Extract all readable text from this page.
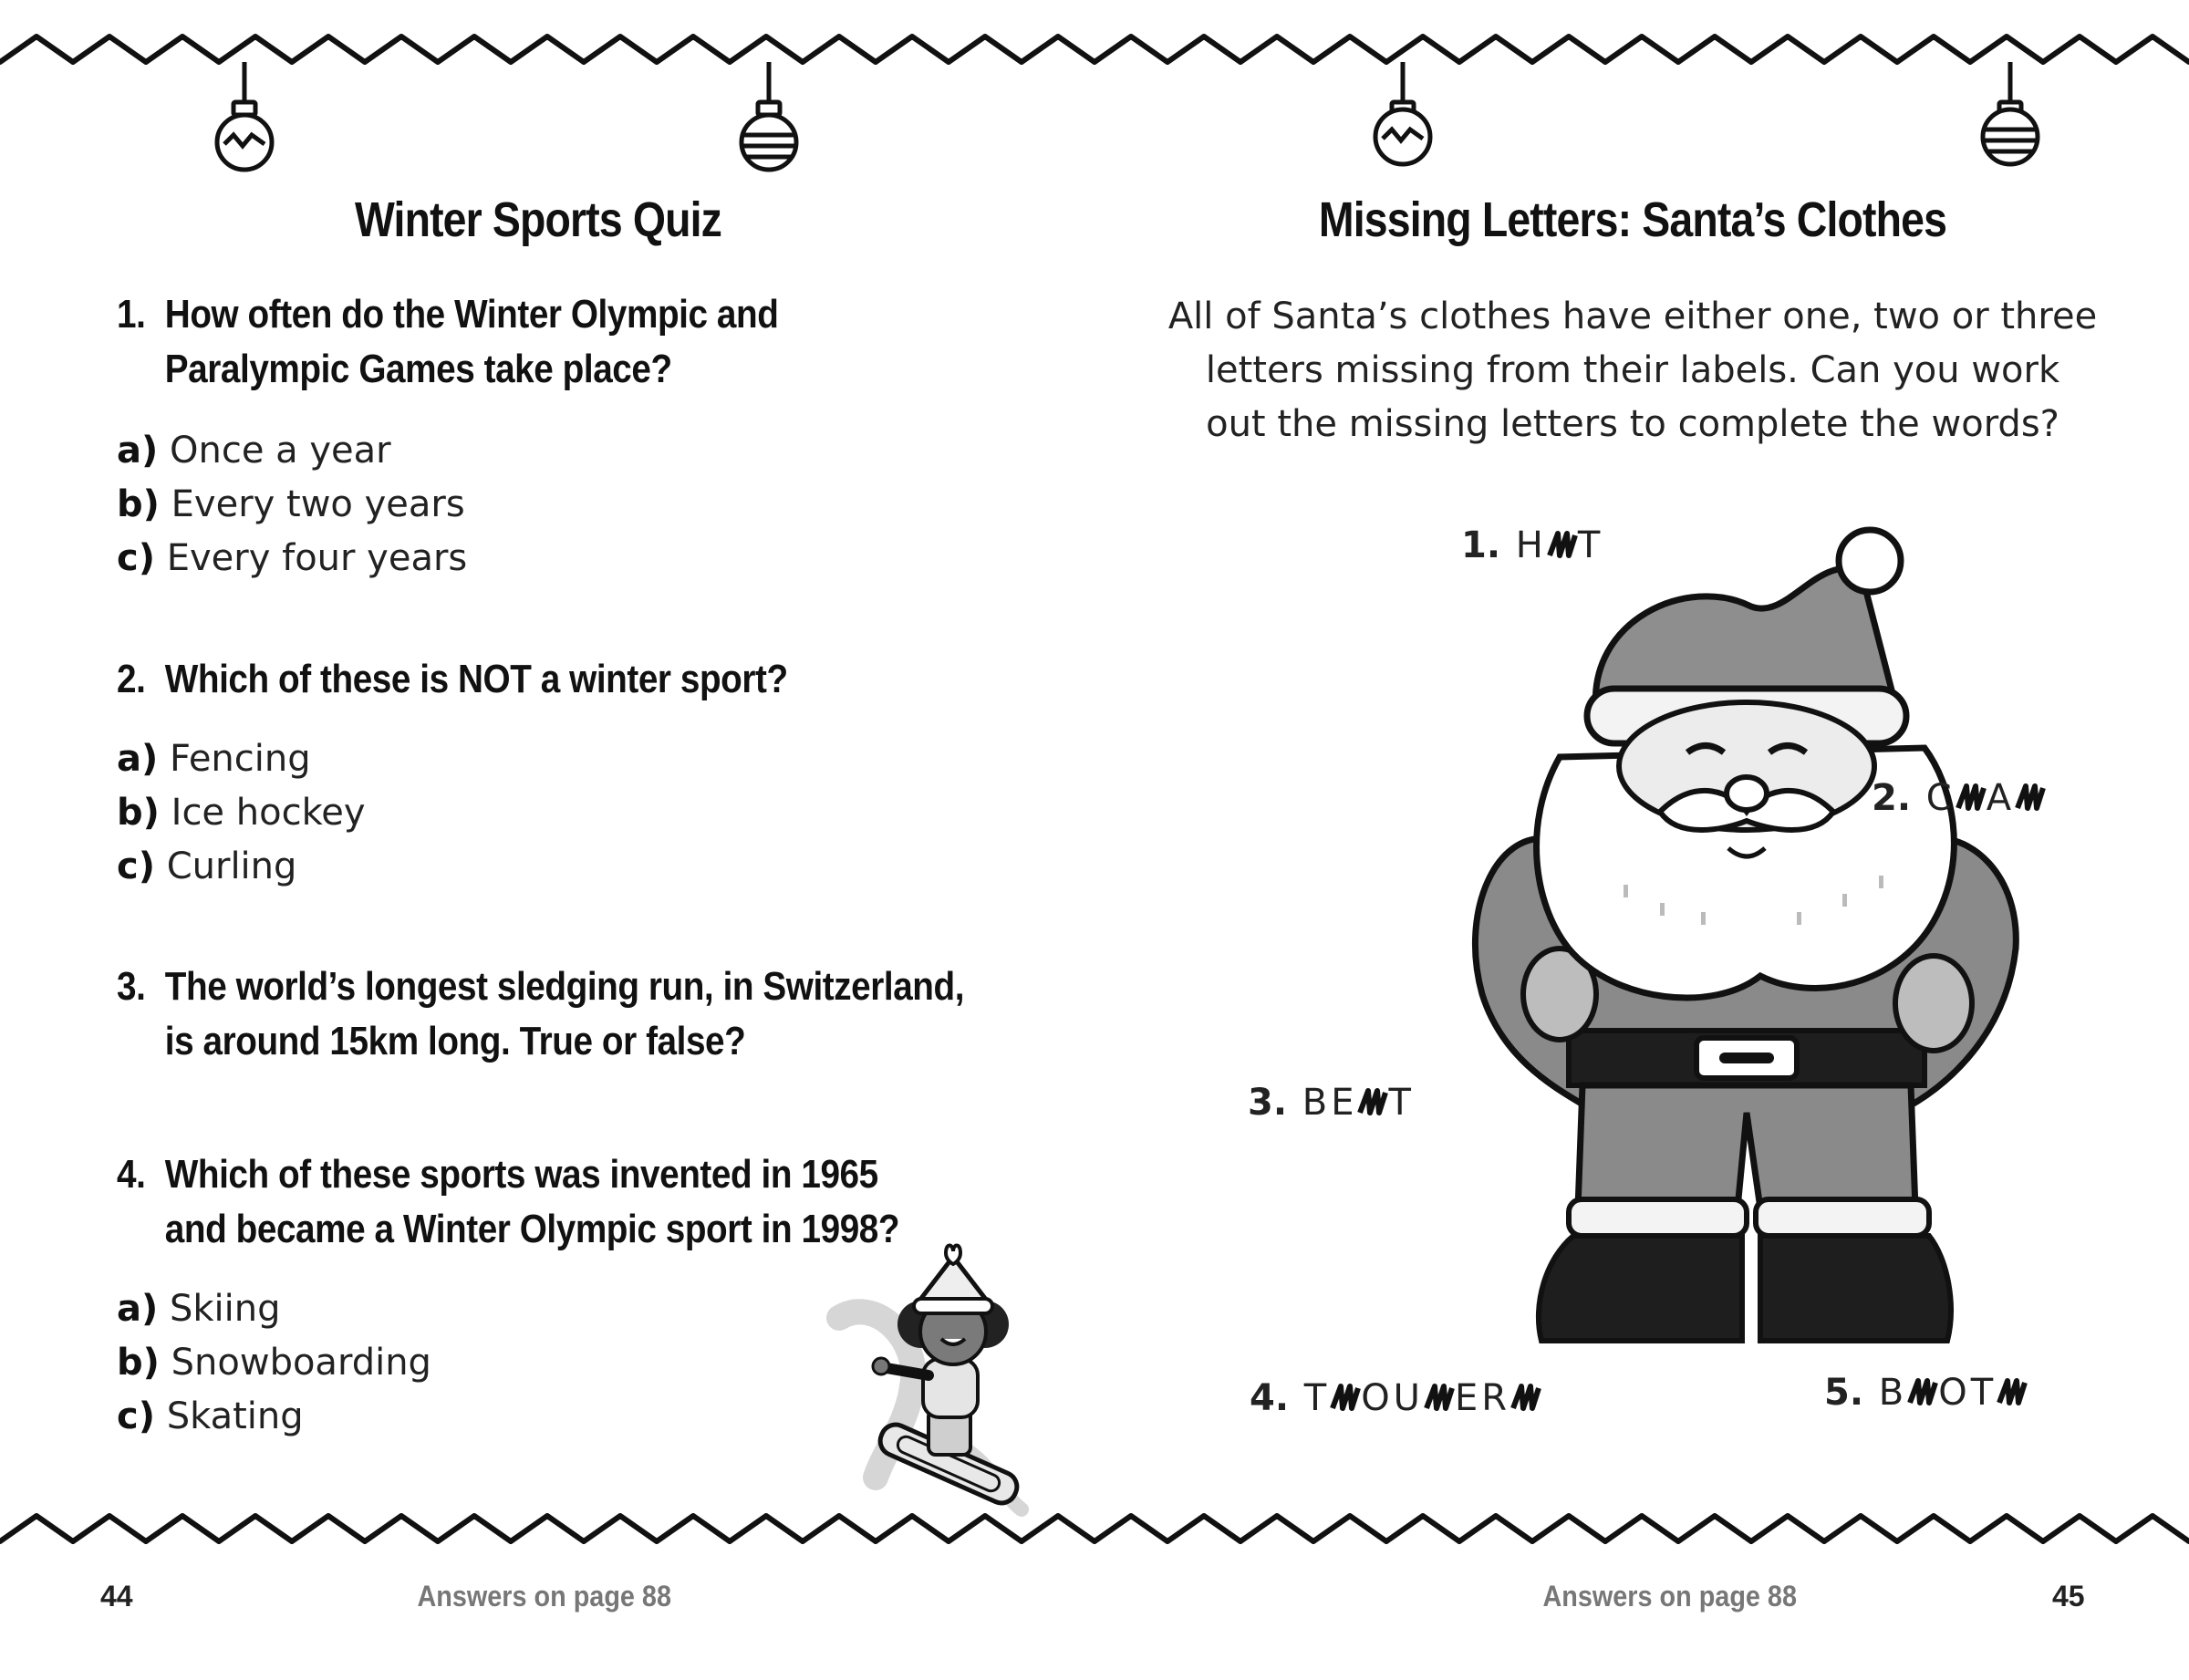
Winter Sports Quiz
1. How often do the Winter Olympic and
Paralympic Games take place?
a) Once a year
b) Every two years
c) Every four years
2. Which of these is NOT a winter sport?
a) Fencing
b) Ice hockey
c) Curling
3. The world’s longest sledging run, in Switzerland,
is around 15km long. True or false?
4. Which of these sports was invented in 1965
and became a Winter Olympic sport in 1998?
a) Skiing
b) Snowboarding
c) Skating
44	Answers on page 88
Missing Letters: Santa’s Clothes
All of Santa’s clothes have either one, two or three
letters missing from their labels. Can you work
out the missing letters to complete the words?
1. H T
2. C A
3. BE T
4. T OU ER	5. B OT
Answers on page 88	45
